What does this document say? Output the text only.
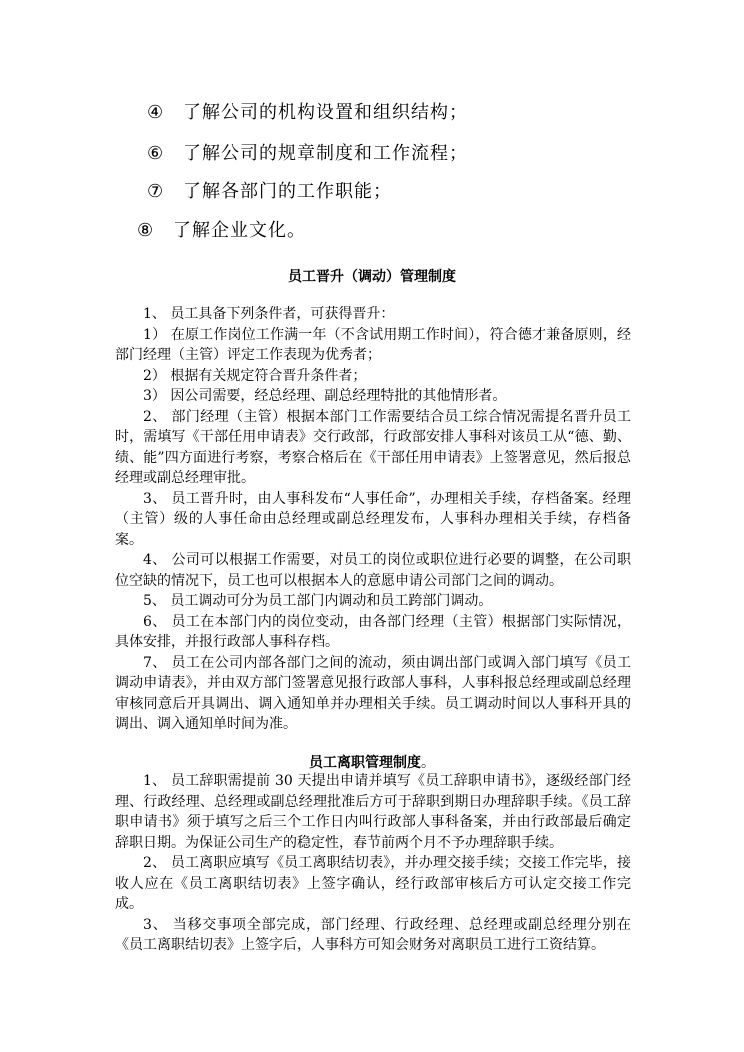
④ 了解公司的机构设置和组织结构；
⑥ 了解公司的规章制度和工作流程；
⑦ 了解各部门的工作职能；
⑧ 了解企业文化。
员工晋升（调动）管理制度

1、 员工具备下列条件者，可获得晋升：

1） 在原工作岗位工作满一年（不含试用期工作时间），符合德才兼备原则，经部门经理（主管）评定工作表现为优秀者；

2） 根据有关规定符合晋升条件者；

3） 因公司需要，经总经理、副总经理特批的其他情形者。

2、 部门经理（主管）根据本部门工作需要结合员工综合情况需提名晋升员工时，需填写《干部任用申请表》交行政部，行政部安排人事科对该员工从“德、勤、绩、能”四方面进行考察，考察合格后在《干部任用申请表》上签署意见，然后报总经理或副总经理审批。

3、 员工晋升时，由人事科发布“人事任命”，办理相关手续，存档备案。经理（主管）级的人事任命由总经理或副总经理发布，人事科办理相关手续，存档备案。

4、 公司可以根据工作需要，对员工的岗位或职位进行必要的调整，在公司职位空缺的情况下，员工也可以根据本人的意愿申请公司部门之间的调动。

5、 员工调动可分为员工部门内调动和员工跨部门调动。

6、 员工在本部门内的岗位变动，由各部门经理（主管）根据部门实际情况，具体安排，并报行政部人事科存档。

7、 员工在公司内部各部门之间的流动，须由调出部门或调入部门填写《员工调动申请表》，并由双方部门签署意见报行政部人事科，人事科报总经理或副总经理审核同意后开具调出、调入通知单并办理相关手续。员工调动时间以人事科开具的调出、调入通知单时间为准。

员工离职管理制度。

1、 员工辞职需提前 30 天提出申请并填写《员工辞职申请书》，逐级经部门经理、行政经理、总经理或副总经理批准后方可于辞职到期日办理辞职手续。《员工辞职申请书》须于填写之后三个工作日内叫行政部人事科备案，并由行政部最后确定辞职日期。为保证公司生产的稳定性，春节前两个月不予办理辞职手续。

2、 员工离职应填写《员工离职结切表》，并办理交接手续；交接工作完毕，接收人应在《员工离职结切表》上签字确认，经行政部审核后方可认定交接工作完成。

3、 当移交事项全部完成，部门经理、行政经理、总经理或副总经理分别在《员工离职结切表》上签字后，人事科方可知会财务对离职员工进行工资结算。
